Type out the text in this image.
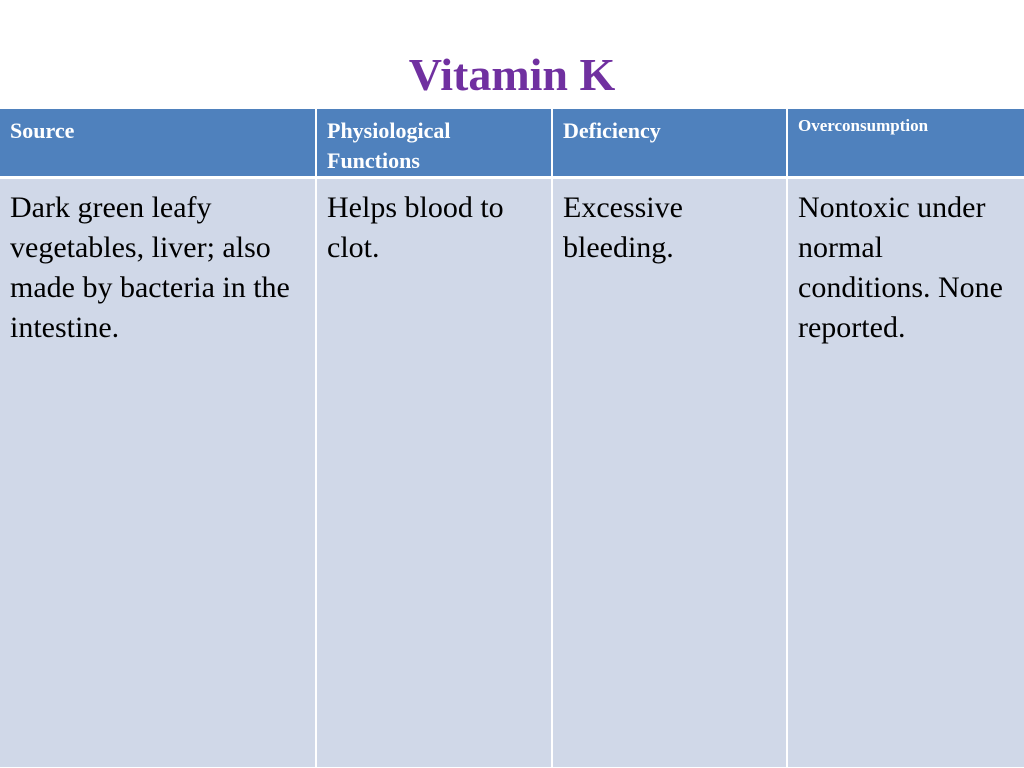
Vitamin K
Source	Physiological Functions	Deficiency	Overconsumption
Dark green leafy vegetables, liver; also made by bacteria in the intestine.	Helps blood to clot.	Excessive bleeding.	Nontoxic under normal conditions. None reported.
